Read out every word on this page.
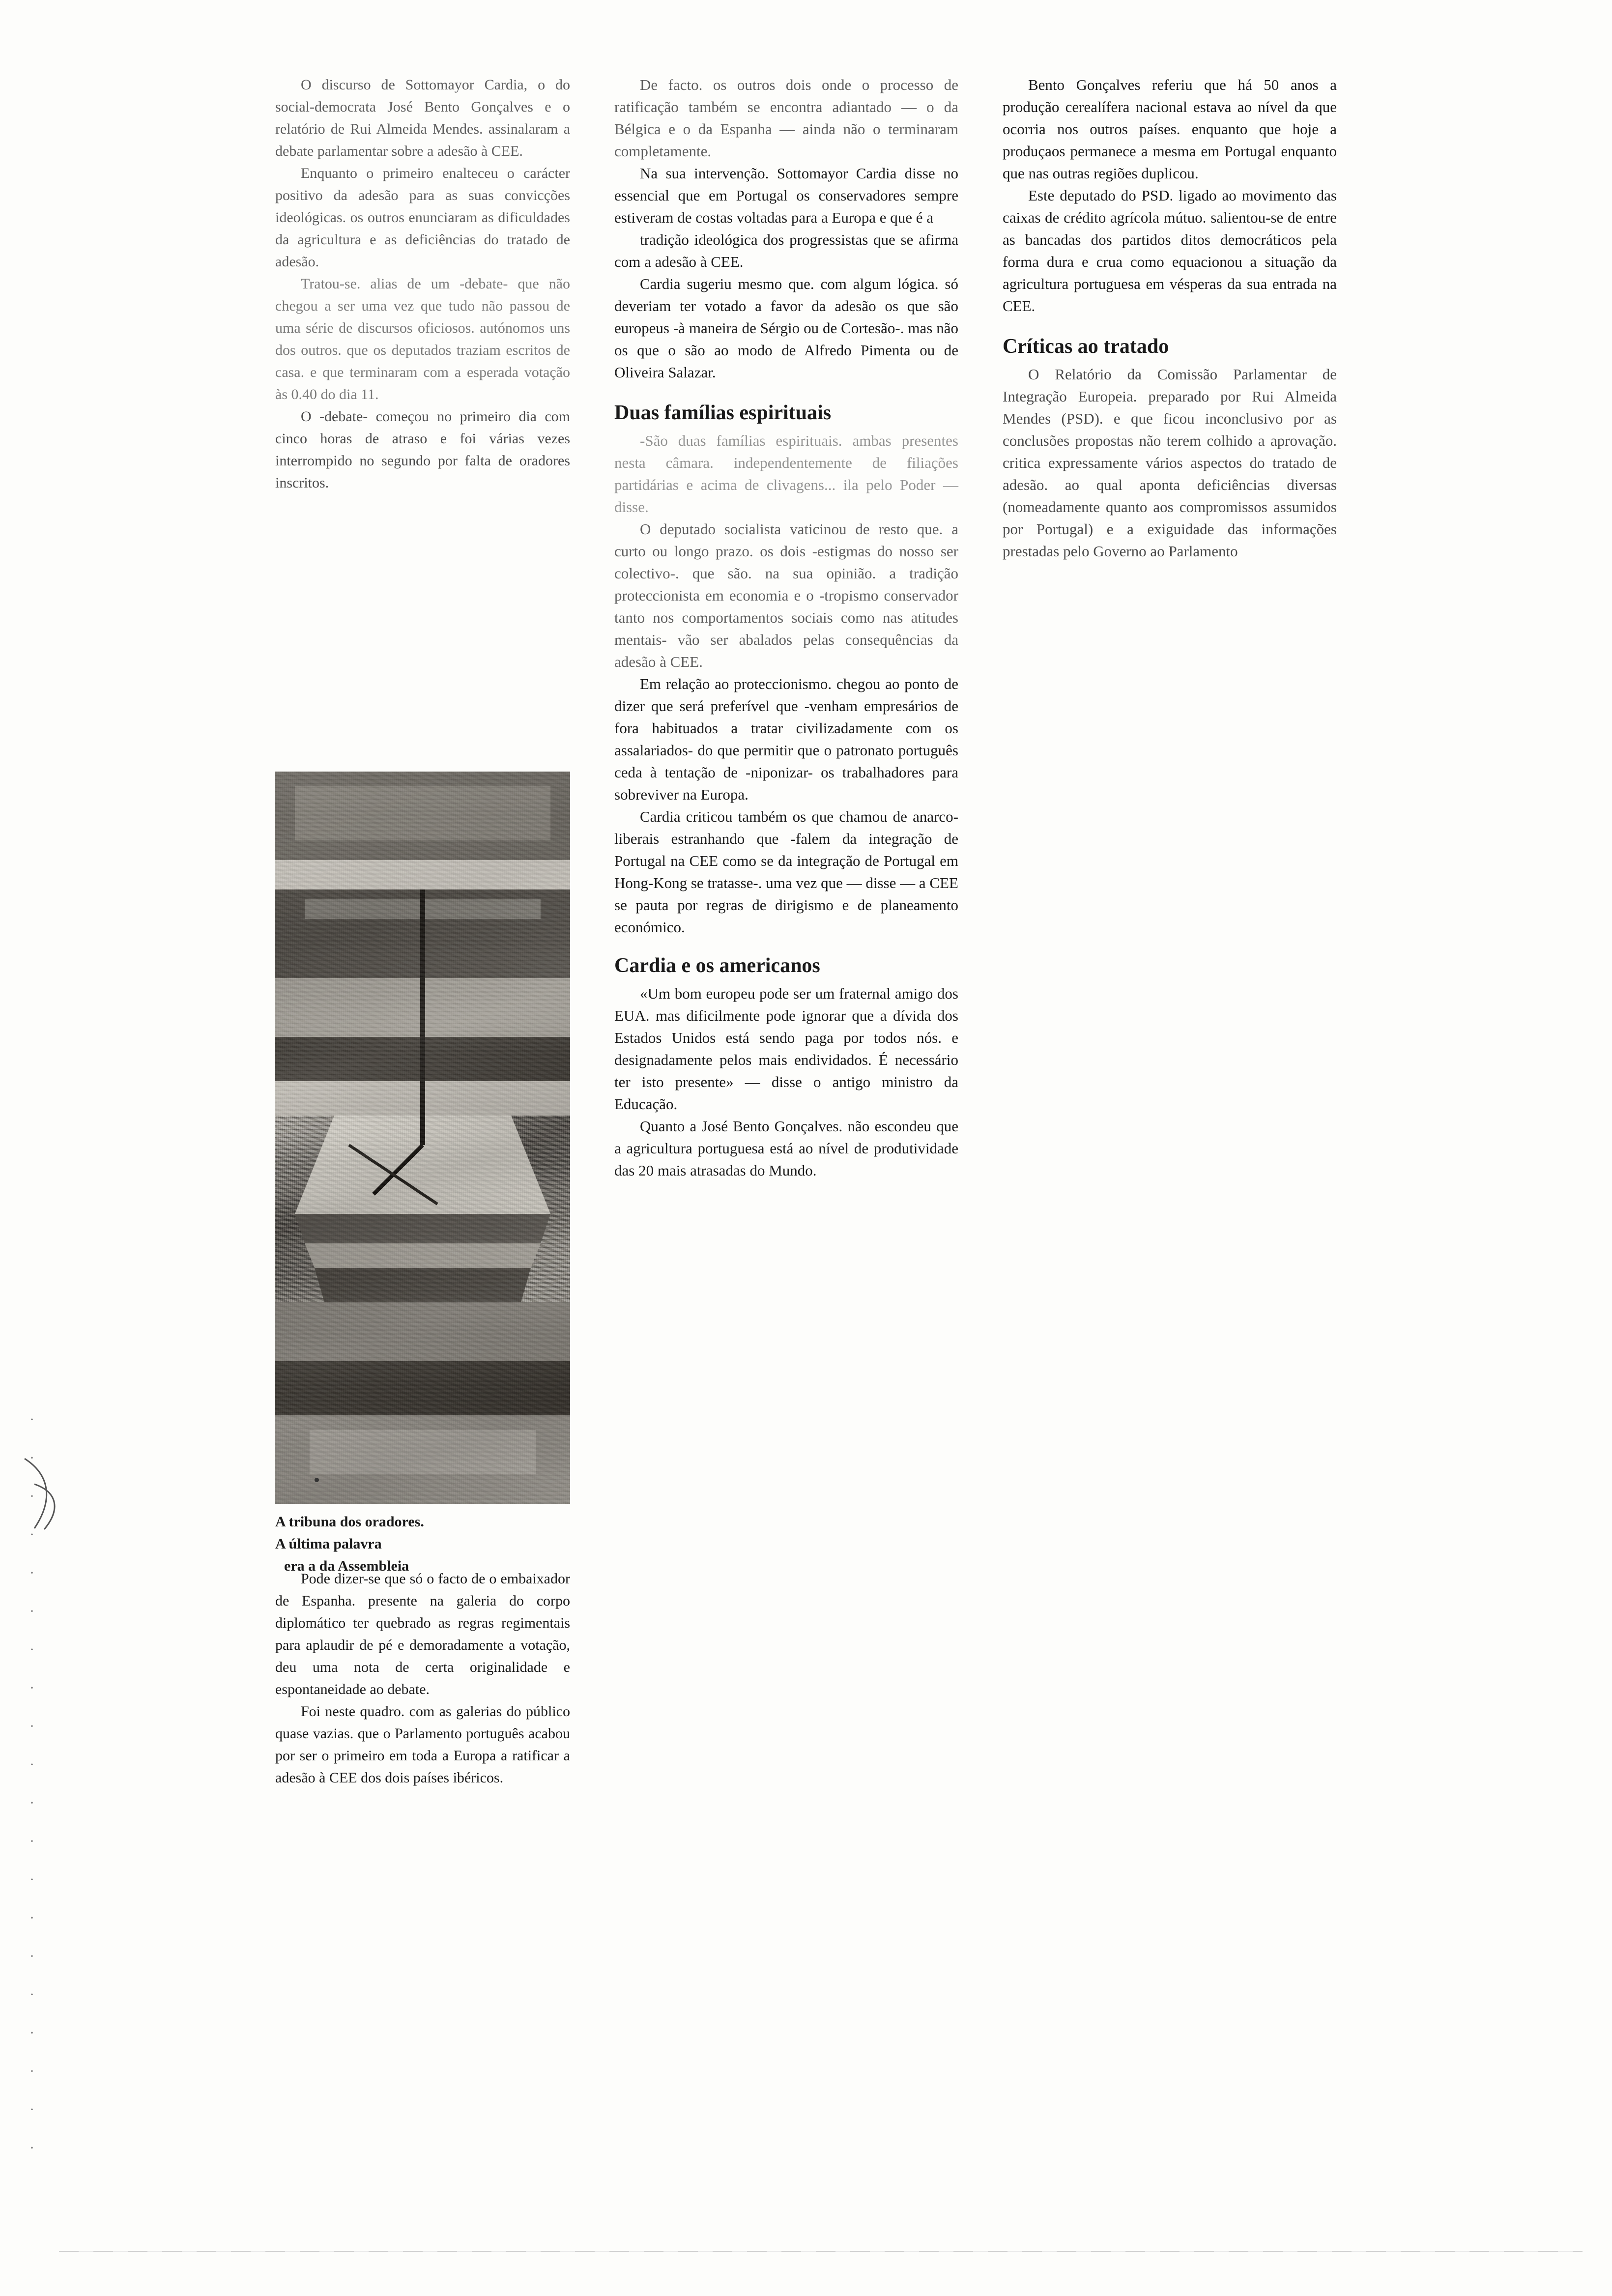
·
·
·
·
·
·
·
·
·
·
·
·
·
·
·
·
·
·
·
·

O discurso de Sottomayor Cardia, o do social-democrata José Bento Gonçalves e o relatório de Rui Almeida Mendes. assinalaram a debate parlamentar sobre a adesão à CEE.

Enquanto o primeiro enalteceu o carácter positivo da adesão para as suas convicções ideológicas. os outros enunciaram as dificuldades da agricultura e as deficiências do tratado de adesão.

Tratou-se. alias de um -debate- que não chegou a ser uma vez que tudo não passou de uma série de discursos oficiosos. autónomos uns dos outros. que os deputados traziam escritos de casa. e que terminaram com a esperada votação às 0.40 do dia 11.

O -debate- começou no primeiro dia com cinco horas de atraso e foi várias vezes interrompido no segundo por falta de oradores inscritos.

A tribuna dos oradores.
A última palavra
era a da Assembleia

Pode dizer-se que só o facto de o embaixador de Espanha. presente na galeria do corpo diplomático ter quebrado as regras regimentais para aplaudir de pé e demoradamente a votação, deu uma nota de certa originalidade e espontaneidade ao debate.

Foi neste quadro. com as galerias do público quase vazias. que o Parlamento português acabou por ser o primeiro em toda a Europa a ratificar a adesão à CEE dos dois países ibéricos.

De facto. os outros dois onde o processo de ratificação também se encontra adiantado — o da Bélgica e o da Espanha — ainda não o terminaram completamente.

Na sua intervenção. Sottomayor Cardia disse no essencial que em Portugal os conservadores sempre estiveram de costas voltadas para a Europa e que é a

tradição ideológica dos progressistas que se afirma com a adesão à CEE.

Cardia sugeriu mesmo que. com algum lógica. só deveriam ter votado a favor da adesão os que são europeus -à maneira de Sérgio ou de Cortesão-. mas não os que o são ao modo de Alfredo Pimenta ou de Oliveira Salazar.

Duas famílias espirituais

-São duas famílias espirituais. ambas presentes nesta câmara. independentemente de filiações partidárias e acima de clivagens... ila pelo Poder — disse.

O deputado socialista vaticinou de resto que. a curto ou longo prazo. os dois -estigmas do nosso ser colectivo-. que são. na sua opinião. a tradição proteccionista em economia e o -tropismo conservador tanto nos comportamentos sociais como nas atitudes mentais- vão ser abalados pelas consequências da adesão à CEE.

Em relação ao proteccionismo. chegou ao ponto de dizer que será preferível que -venham empresários de fora habituados a tratar civilizadamente com os assalariados- do que permitir que o patronato português ceda à tentação de -niponizar- os trabalhadores para sobreviver na Europa.

Cardia criticou também os que chamou de anarco-liberais estranhando que -falem da integração de Portugal na CEE como se da integração de Portugal em Hong-Kong se tratasse-. uma vez que — disse — a CEE se pauta por regras de dirigismo e de planeamento económico.

Cardia e os americanos

«Um bom europeu pode ser um fraternal amigo dos EUA. mas dificilmente pode ignorar que a dívida dos Estados Unidos está sendo paga por todos nós. e designadamente pelos mais endividados. É necessário ter isto presente» — disse o antigo ministro da Educação.

Quanto a José Bento Gonçalves. não escondeu que a agricultura portuguesa está ao nível de produtividade das 20 mais atrasadas do Mundo.

Bento Gonçalves referiu que há 50 anos a produção cerealífera nacional estava ao nível da que ocorria nos outros países. enquanto que hoje a produçaos permanece a mesma em Portugal enquanto que nas outras regiões duplicou.

Este deputado do PSD. ligado ao movimento das caixas de crédito agrícola mútuo. salientou-se de entre as bancadas dos partidos ditos democráticos pela forma dura e crua como equacionou a situação da agricultura portuguesa em vésperas da sua entrada na CEE.

Críticas ao tratado

O Relatório da Comissão Parlamentar de Integração Europeia. preparado por Rui Almeida Mendes (PSD). e que ficou inconclusivo por as conclusões propostas não terem colhido a aprovação. critica expressamente vários aspectos do tratado de adesão. ao qual aponta deficiências diversas (nomeadamente quanto aos compromissos assumidos por Portugal) e a exiguidade das informações prestadas pelo Governo ao Parlamento
